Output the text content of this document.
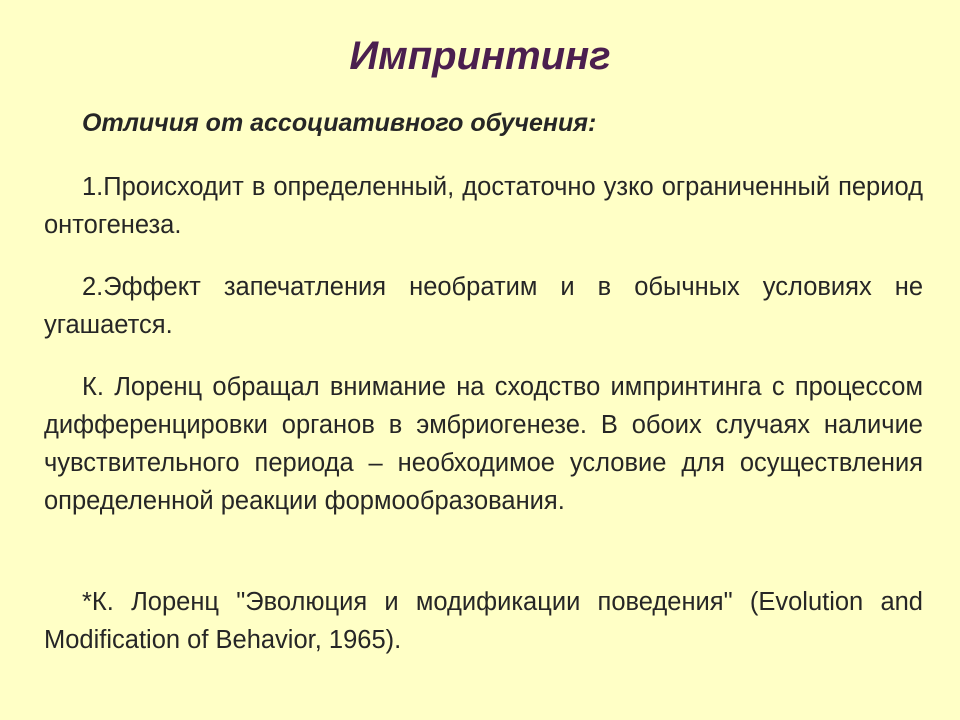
Импринтинг
Отличия от ассоциативного обучения:
1.Происходит в определенный, достаточно узко ограниченный период онтогенеза.
2.Эффект запечатления необратим и в обычных условиях не угашается.
К. Лоренц обращал внимание на сходство импринтинга с процессом дифференцировки органов в эмбриогенезе. В обоих случаях наличие чувствительного периода – необходимое условие для осуществления определенной реакции формообразования.
*К. Лоренц "Эволюция и модификации поведения" (Evolution and Modification of Behavior, 1965).
